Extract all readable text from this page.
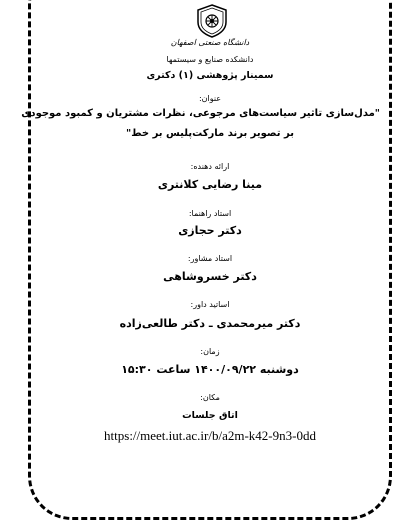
دانشگاه صنعتی اصفهان
دانشکده صنایع و سیستمها
سمینار پژوهشی (۱) دکتری
عنوان:
"مدل‌سازی تاثیر سیاست‌های مرجوعی، نظرات مشتریان و کمبود موجودی
بر تصویر برند مارکت‌پلیس بر خط"
ارائه دهنده:
مینا رضایی کلانتری
استاد راهنما:
دکتر حجازی
استاد مشاور:
دکتر خسروشاهی
اساتید داور:
دکتر میرمحمدی ـ دکتر طالعی‌زاده
زمان:
دوشنبه ۱۴۰۰/۰۹/۲۲ ساعت ۱۵:۳۰
مکان:
اتاق جلسات
https://meet.iut.ac.ir/b/a2m-k42-9n3-0dd
